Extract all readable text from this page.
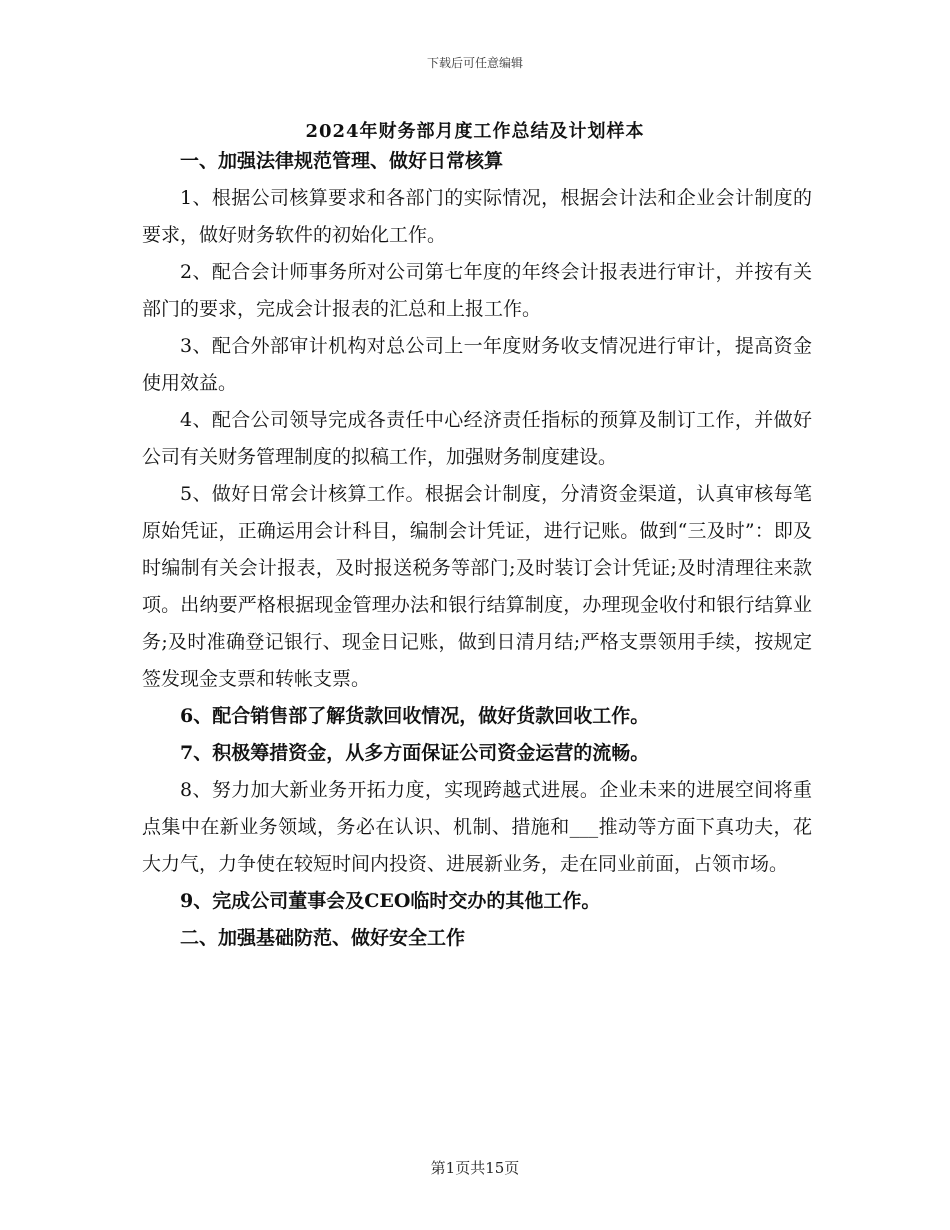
下载后可任意编辑
2024年财务部月度工作总结及计划样本

一、加强法律规范管理、做好日常核算

1、根据公司核算要求和各部门的实际情况，根据会计法和企业会计制度的要求，做好财务软件的初始化工作。

2、配合会计师事务所对公司第七年度的年终会计报表进行审计，并按有关部门的要求，完成会计报表的汇总和上报工作。

3、配合外部审计机构对总公司上一年度财务收支情况进行审计，提高资金使用效益。

4、配合公司领导完成各责任中心经济责任指标的预算及制订工作，并做好公司有关财务管理制度的拟稿工作，加强财务制度建设。

5、做好日常会计核算工作。根据会计制度，分清资金渠道，认真审核每笔原始凭证，正确运用会计科目，编制会计凭证，进行记账。做到“三及时”：即及时编制有关会计报表，及时报送税务等部门;及时装订会计凭证;及时清理往来款项。出纳要严格根据现金管理办法和银行结算制度，办理现金收付和银行结算业务;及时准确登记银行、现金日记账，做到日清月结;严格支票领用手续，按规定签发现金支票和转帐支票。

6、配合销售部了解货款回收情况，做好货款回收工作。

7、积极筹措资金，从多方面保证公司资金运营的流畅。

8、努力加大新业务开拓力度，实现跨越式进展。企业未来的进展空间将重点集中在新业务领域，务必在认识、机制、措施和___推动等方面下真功夫，花大力气，力争使在较短时间内投资、进展新业务，走在同业前面，占领市场。

9、完成公司董事会及CEO临时交办的其他工作。

二、加强基础防范、做好安全工作

第1页共15页
